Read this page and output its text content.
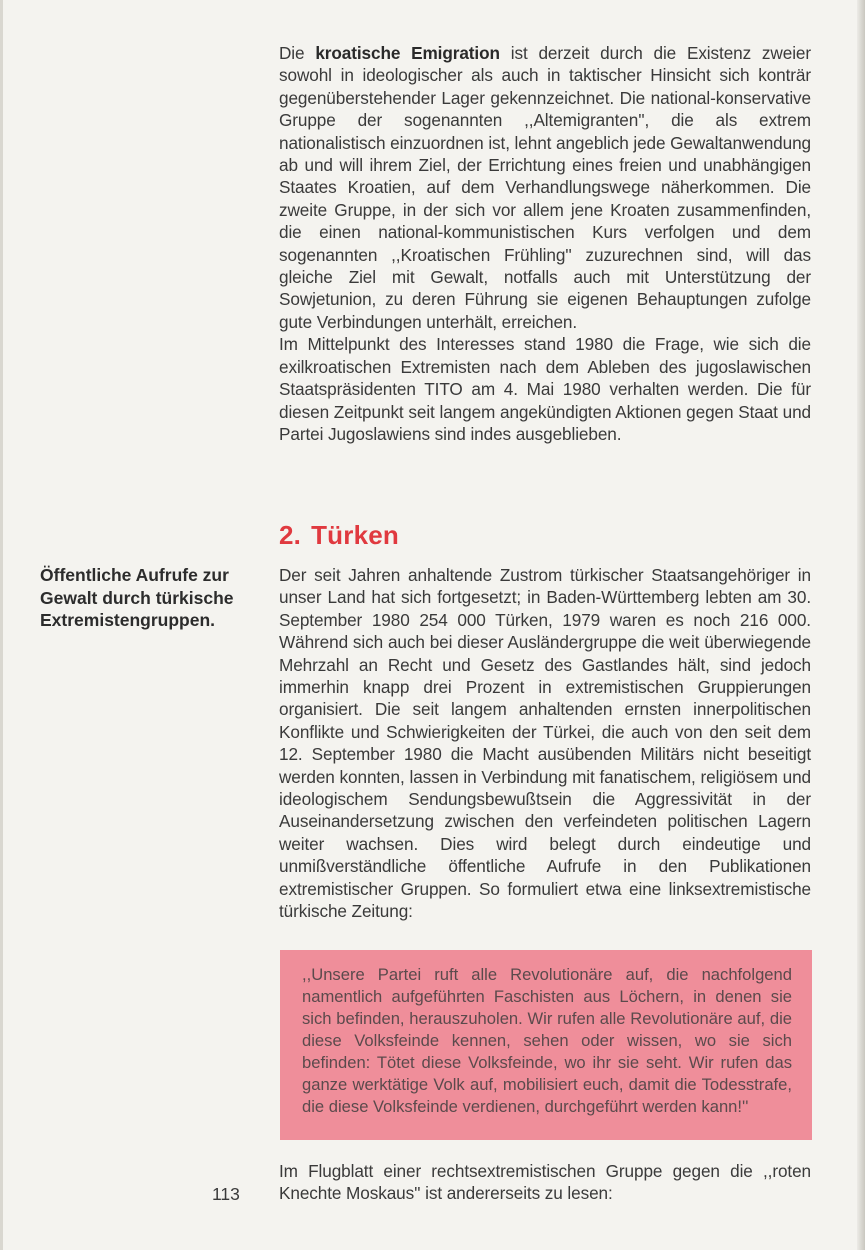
Die kroatische Emigration ist derzeit durch die Existenz zweier sowohl in ideologischer als auch in taktischer Hinsicht sich konträr gegenüberstehender Lager gekennzeichnet. Die national-konservative Gruppe der sogenannten ,,Altemigranten'', die als extrem nationalistisch einzuordnen ist, lehnt angeblich jede Gewaltanwendung ab und will ihrem Ziel, der Errichtung eines freien und unabhängigen Staates Kroatien, auf dem Verhandlungswege näherkommen. Die zweite Gruppe, in der sich vor allem jene Kroaten zusammenfinden, die einen national-kommunistischen Kurs verfolgen und dem sogenannten ,,Kroatischen Frühling'' zuzurechnen sind, will das gleiche Ziel mit Gewalt, notfalls auch mit Unterstützung der Sowjetunion, zu deren Führung sie eigenen Behauptungen zufolge gute Verbindungen unterhält, erreichen.

Im Mittelpunkt des Interesses stand 1980 die Frage, wie sich die exilkroatischen Extremisten nach dem Ableben des jugoslawischen Staatspräsidenten TITO am 4. Mai 1980 verhalten werden. Die für diesen Zeitpunkt seit langem angekündigten Aktionen gegen Staat und Partei Jugoslawiens sind indes ausgeblieben.

2. Türken

Öffentliche Aufrufe zur Gewalt durch türkische Extremistengruppen.

Der seit Jahren anhaltende Zustrom türkischer Staatsangehöriger in unser Land hat sich fortgesetzt; in Baden-Württemberg lebten am 30. September 1980 254 000 Türken, 1979 waren es noch 216 000. Während sich auch bei dieser Ausländergruppe die weit überwiegende Mehrzahl an Recht und Gesetz des Gastlandes hält, sind jedoch immerhin knapp drei Prozent in extremistischen Gruppierungen organisiert. Die seit langem anhaltenden ernsten innerpolitischen Konflikte und Schwierigkeiten der Türkei, die auch von den seit dem 12. September 1980 die Macht ausübenden Militärs nicht beseitigt werden konnten, lassen in Verbindung mit fanatischem, religiösem und ideologischem Sendungsbewußtsein die Aggressivität in der Auseinandersetzung zwischen den verfeindeten politischen Lagern weiter wachsen. Dies wird belegt durch eindeutige und unmißverständliche öffentliche Aufrufe in den Publikationen extremistischer Gruppen. So formuliert etwa eine linksextremistische türkische Zeitung:

,,Unsere Partei ruft alle Revolutionäre auf, die nachfolgend namentlich aufgeführten Faschisten aus Löchern, in denen sie sich befinden, herauszuholen. Wir rufen alle Revolutionäre auf, die diese Volksfeinde kennen, sehen oder wissen, wo sie sich befinden: Tötet diese Volksfeinde, wo ihr sie seht. Wir rufen das ganze werktätige Volk auf, mobilisiert euch, damit die Todesstrafe, die diese Volksfeinde verdienen, durchgeführt werden kann!''

113

Im Flugblatt einer rechtsextremistischen Gruppe gegen die ,,roten Knechte Moskaus'' ist andererseits zu lesen:
